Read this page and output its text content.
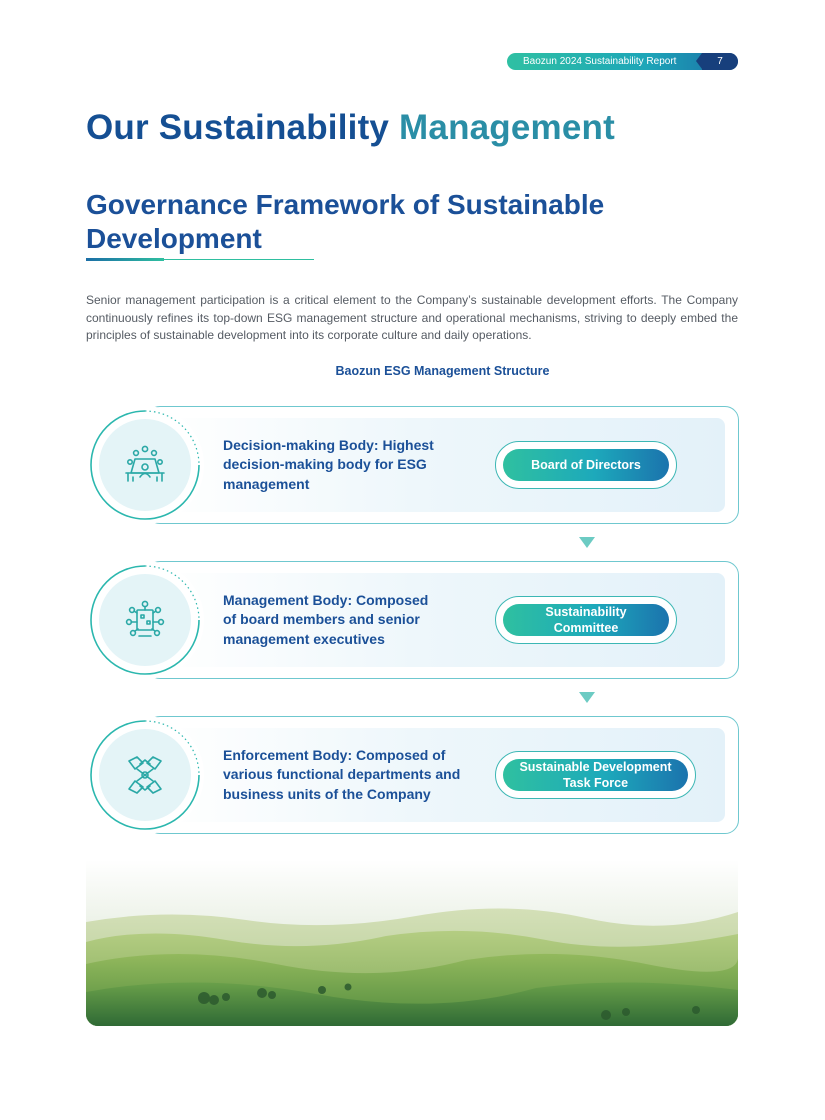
Baozun 2024 Sustainability Report	7
Our Sustainability Management
Governance Framework of Sustainable Development

Senior management participation is a critical element to the Company’s sustainable development efforts. The Company continuously refines its top-down ESG management structure and operational mechanisms, striving to deeply embed the principles of sustainable development into its corporate culture and daily operations.

Baozun ESG Management Structure
Decision-making Body: Highest decision-making body for ESG management
Board of Directors
Management Body: Composed of board members and senior management executives
Sustainability Committee
Enforcement Body: Composed of various functional departments and business units of the Company
Sustainable Development Task Force
